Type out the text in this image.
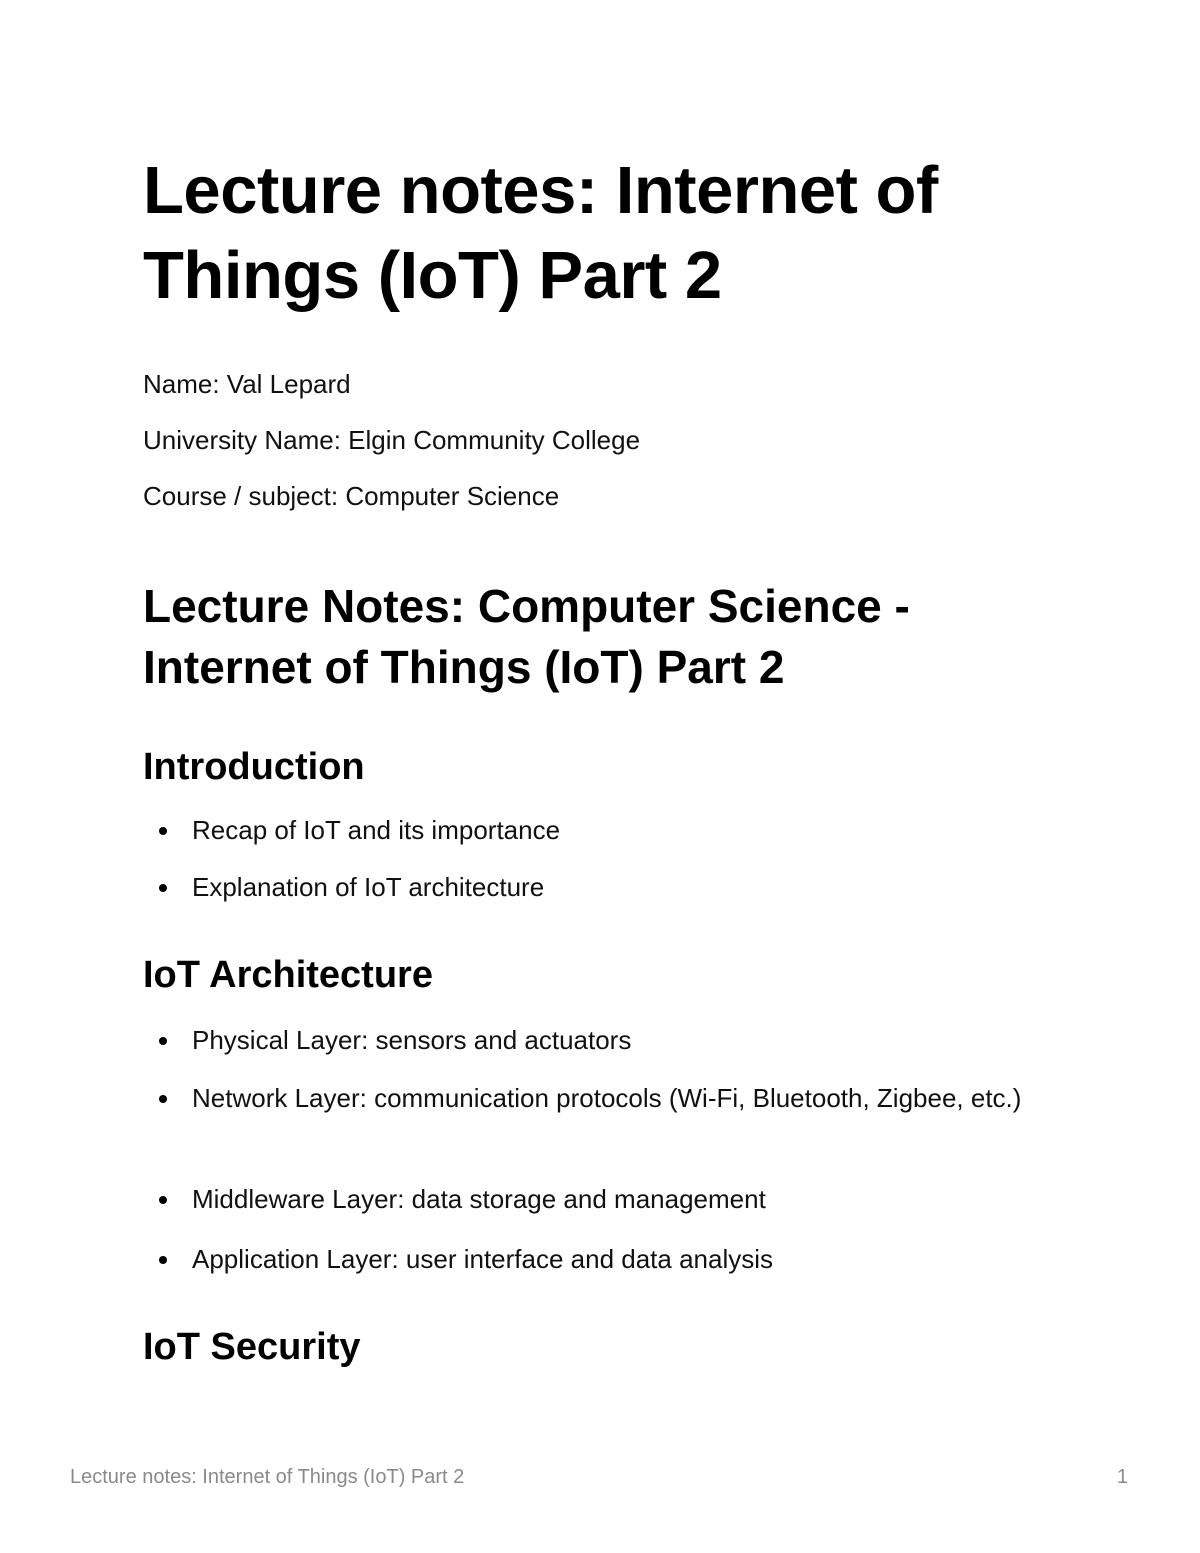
Lecture notes: Internet of Things (IoT) Part 2

Name: Val Lepard

University Name: Elgin Community College

Course / subject: Computer Science

Lecture Notes: Computer Science - Internet of Things (IoT) Part 2
Introduction
Recap of IoT and its importance
Explanation of IoT architecture
IoT Architecture
Physical Layer: sensors and actuators
Network Layer: communication protocols (Wi-Fi, Bluetooth, Zigbee, etc.)
Middleware Layer: data storage and management
Application Layer: user interface and data analysis
IoT Security
Lecture notes: Internet of Things (IoT) Part 2	1
